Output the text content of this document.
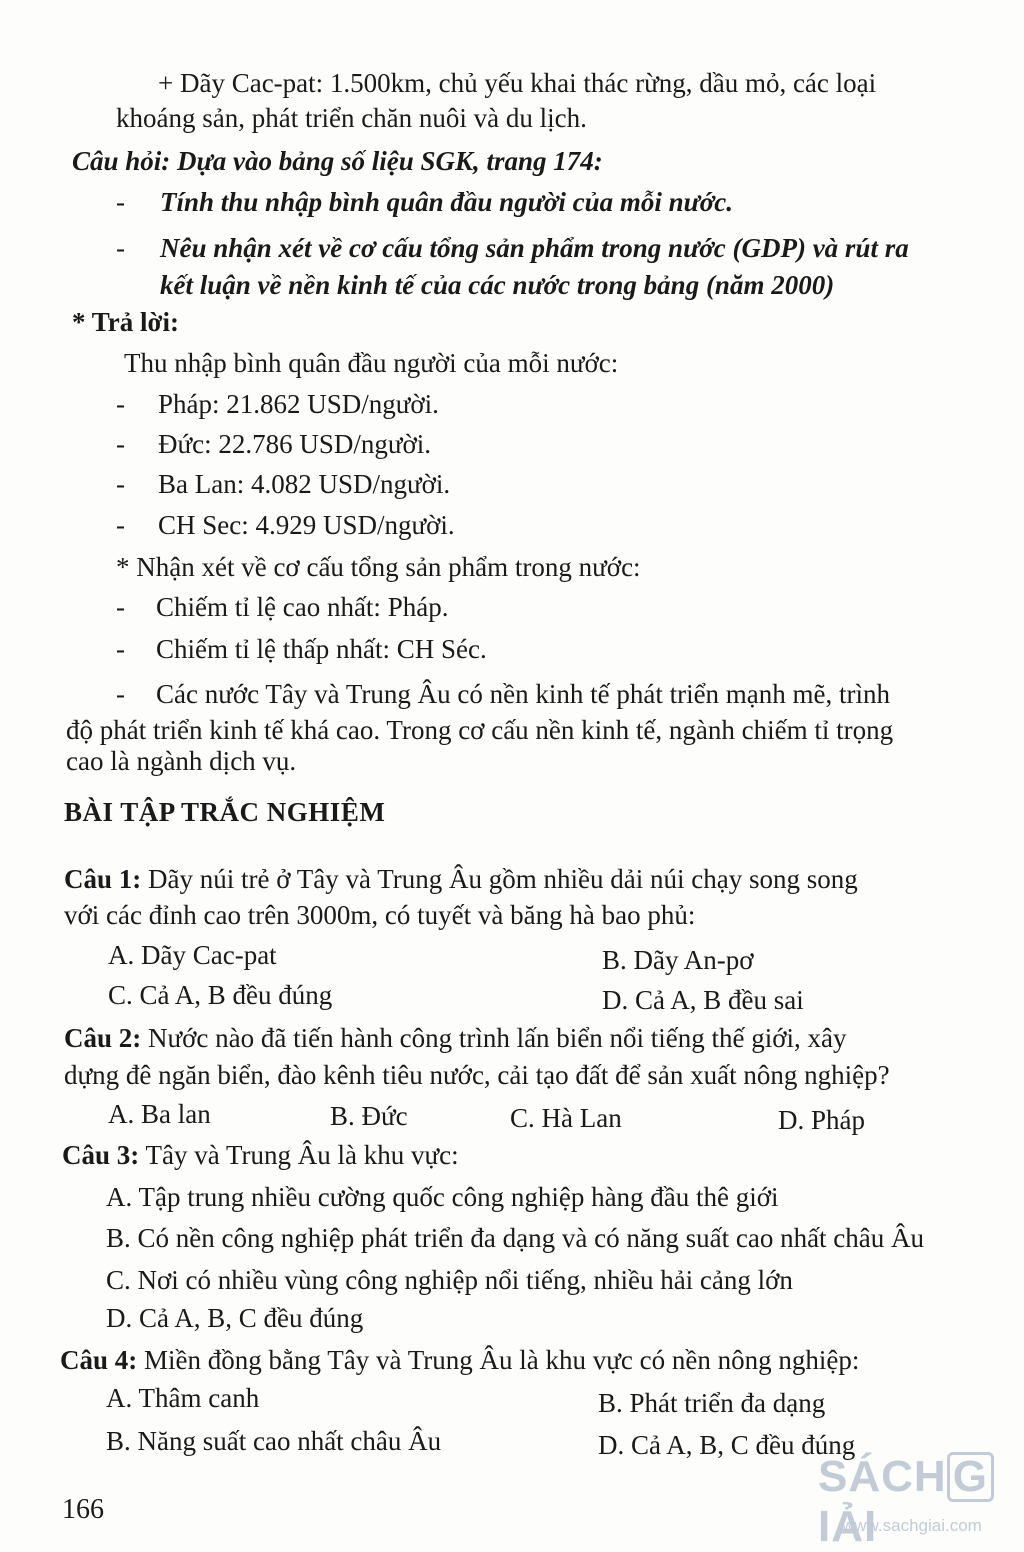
+ Dãy Cac-pat: 1.500km, chủ yếu khai thác rừng, dầu mỏ, các loại
khoáng sản, phát triển chăn nuôi và du lịch.
Câu hỏi: Dựa vào bảng số liệu SGK, trang 174:
- Tính thu nhập bình quân đầu người của mỗi nước.
- Nêu nhận xét về cơ cấu tổng sản phẩm trong nước (GDP) và rút ra
kết luận về nền kinh tế của các nước trong bảng (năm 2000)
* Trả lời:
Thu nhập bình quân đầu người của mỗi nước:
- Pháp: 21.862 USD/người.
- Đức: 22.786 USD/người.
- Ba Lan: 4.082 USD/người.
- CH Sec: 4.929 USD/người.
* Nhận xét về cơ cấu tổng sản phẩm trong nước:
- Chiếm tỉ lệ cao nhất: Pháp.
- Chiếm tỉ lệ thấp nhất: CH Séc.
- Các nước Tây và Trung Âu có nền kinh tế phát triển mạnh mẽ, trình
độ phát triển kinh tế khá cao. Trong cơ cấu nền kinh tế, ngành chiếm tỉ trọng
cao là ngành dịch vụ.
BÀI TẬP TRẮC NGHIỆM
Câu 1: Dãy núi trẻ ở Tây và Trung Âu gồm nhiều dải núi chạy song song
với các đỉnh cao trên 3000m, có tuyết và băng hà bao phủ:
A. Dãy Cac-pat	B. Dãy An-pơ
C. Cả A, B đều đúng	D. Cả A, B đều sai
Câu 2: Nước nào đã tiến hành công trình lấn biển nổi tiếng thế giới, xây
dựng đê ngăn biển, đào kênh tiêu nước, cải tạo đất để sản xuất nông nghiệp?
A. Ba lan	B. Đức	C. Hà Lan	D. Pháp
Câu 3: Tây và Trung Âu là khu vực:
A. Tập trung nhiều cường quốc công nghiệp hàng đầu thê giới
B. Có nền công nghiệp phát triển đa dạng và có năng suất cao nhất châu Âu
C. Nơi có nhiều vùng công nghiệp nổi tiếng, nhiều hải cảng lớn
D. Cả A, B, C đều đúng
Câu 4: Miền đồng bằng Tây và Trung Âu là khu vực có nền nông nghiệp:
A. Thâm canh	B. Phát triển đa dạng
B. Năng suất cao nhất châu Âu	D. Cả A, B, C đều đúng
166
SÁCH GIẢI
www.sachgiai.com
